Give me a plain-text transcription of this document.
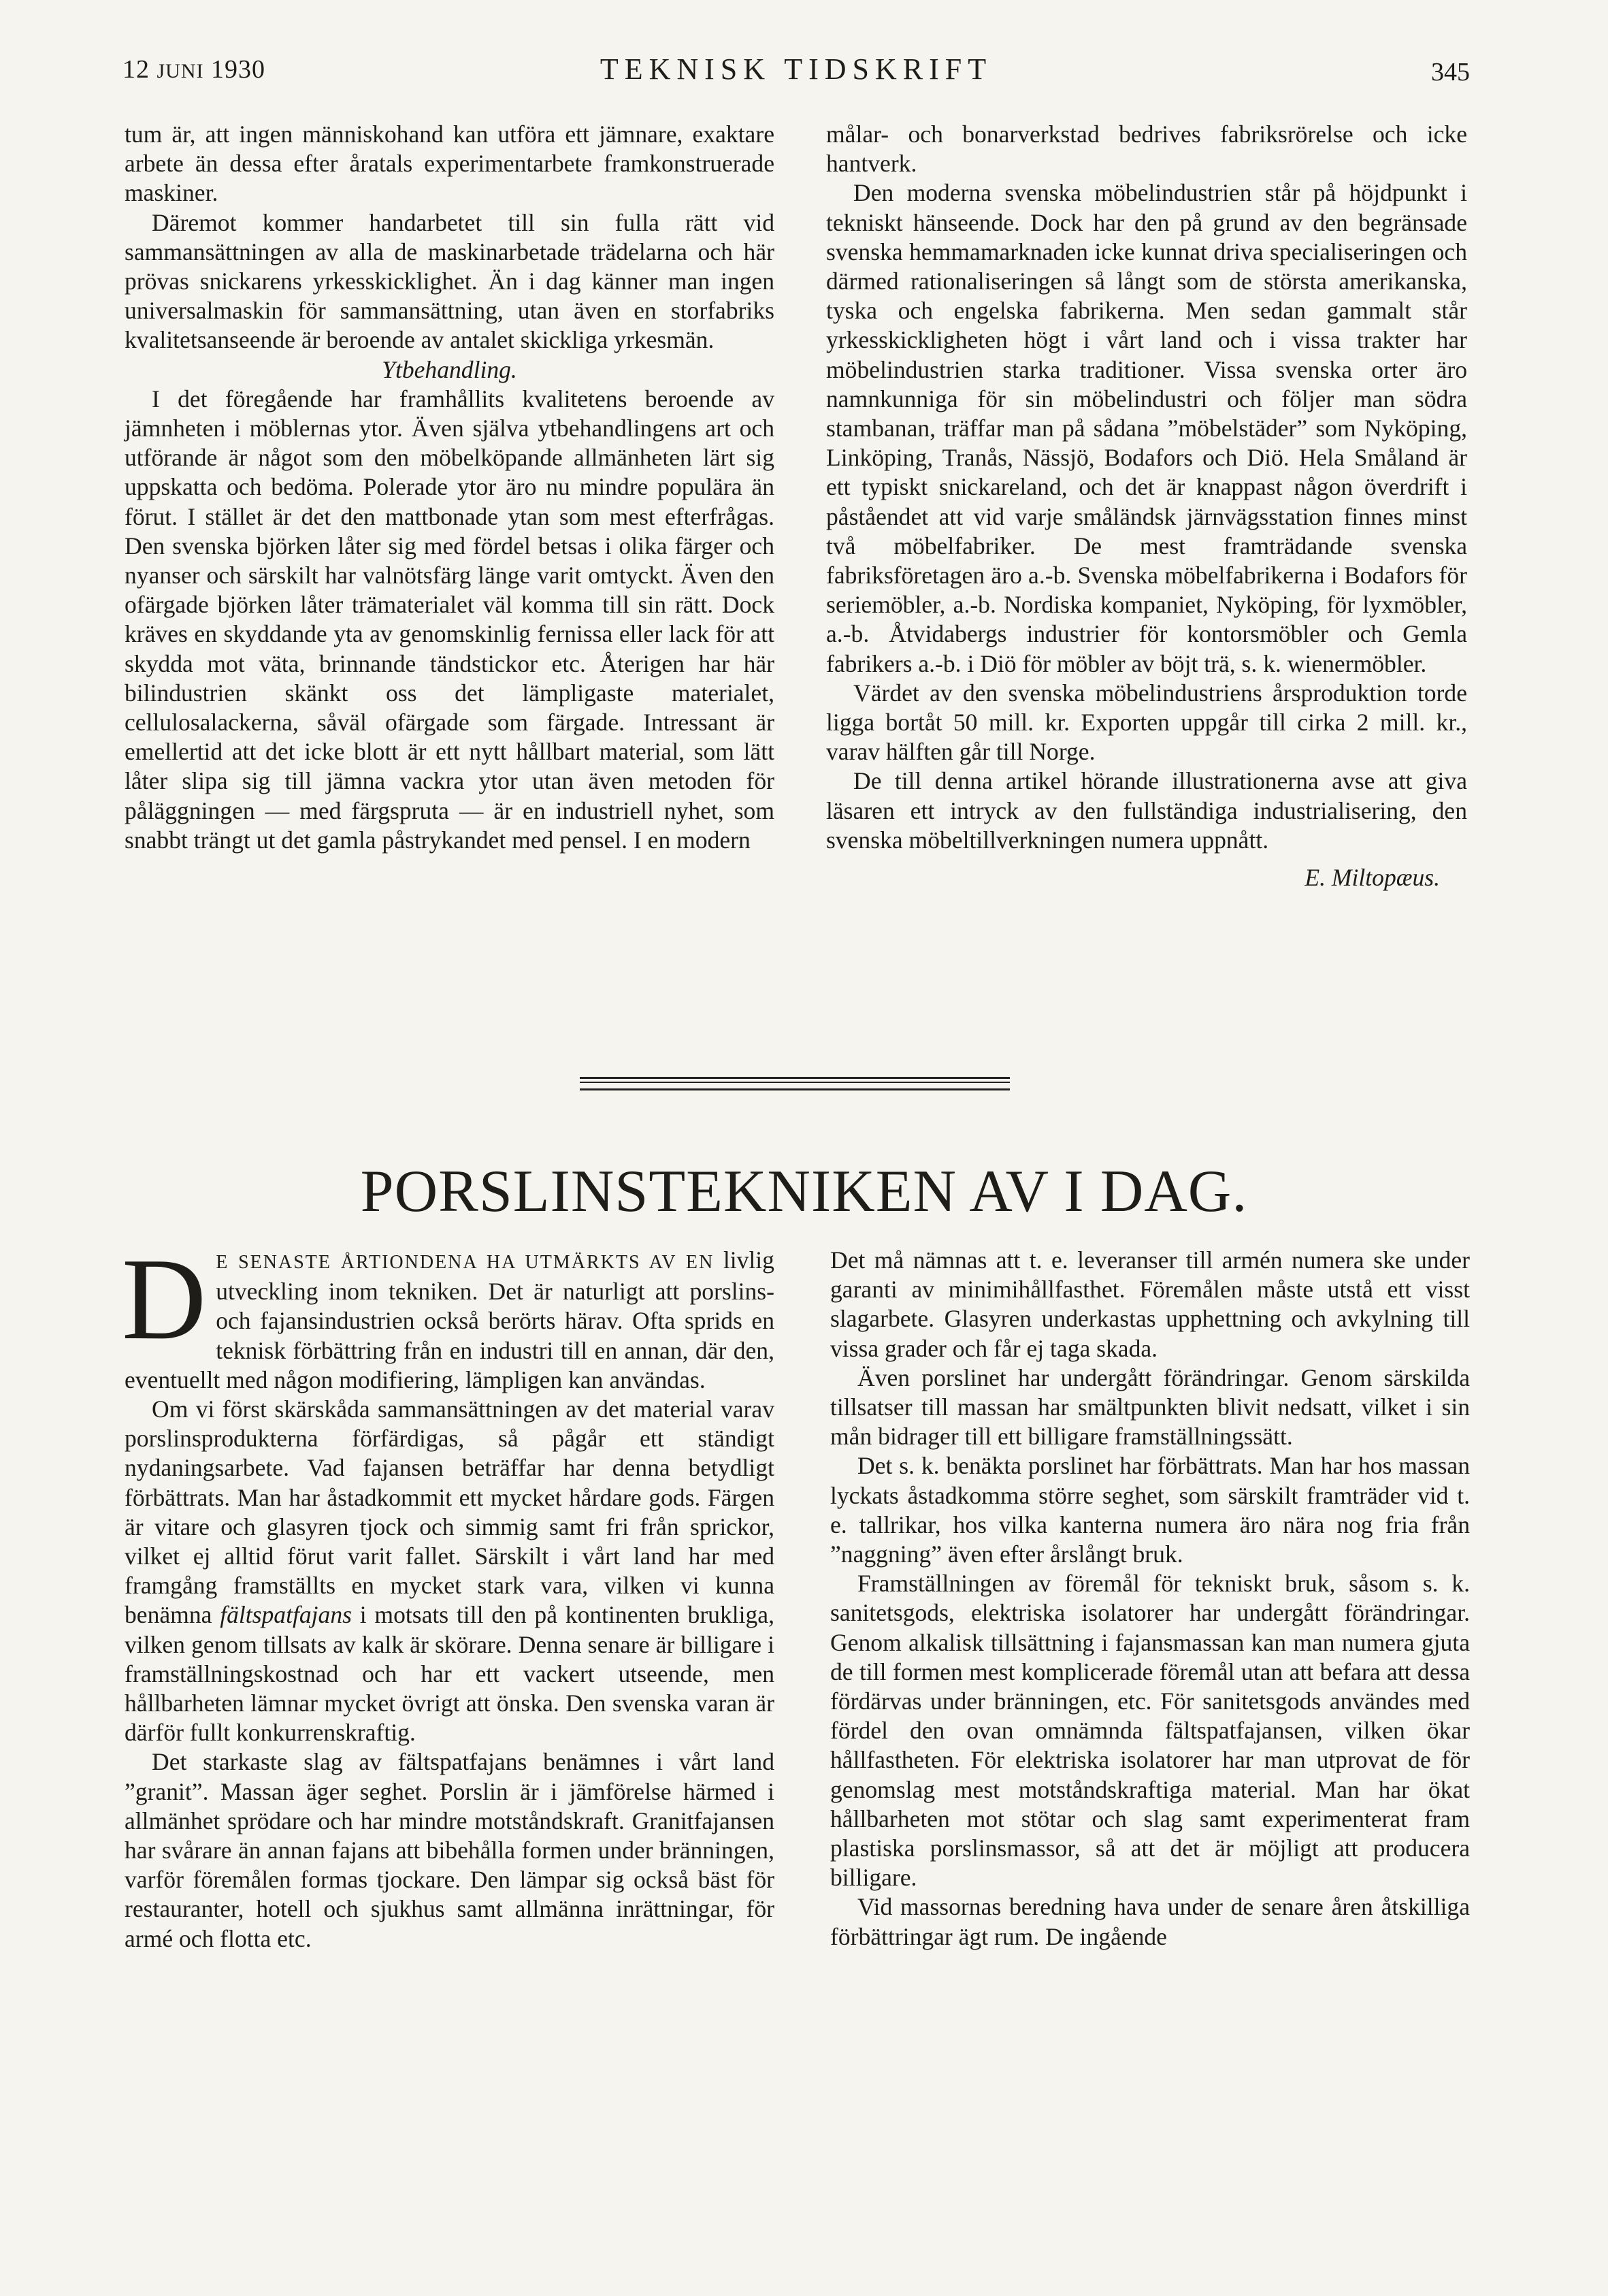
12 JUNI 1930	TEKNISK TIDSKRIFT	345

tum är, att ingen människohand kan utföra ett jämnare, exaktare arbete än dessa efter åratals experimentarbete framkonstruerade maskiner.

Däremot kommer handarbetet till sin fulla rätt vid sammansättningen av alla de maskinarbetade trädelarna och här prövas snickarens yrkesskicklighet. Än i dag känner man ingen universalmaskin för sammansättning, utan även en storfabriks kvalitetsanseende är beroende av antalet skickliga yrkesmän.

Ytbehandling.

I det föregående har framhållits kvalitetens beroende av jämnheten i möblernas ytor. Även själva ytbehandlingens art och utförande är något som den möbelköpande allmänheten lärt sig uppskatta och bedöma. Polerade ytor äro nu mindre populära än förut. I stället är det den mattbonade ytan som mest efterfrågas. Den svenska björken låter sig med fördel betsas i olika färger och nyanser och särskilt har valnötsfärg länge varit omtyckt. Även den ofärgade björken låter trämaterialet väl komma till sin rätt. Dock kräves en skyddande yta av genomskinlig fernissa eller lack för att skydda mot väta, brinnande tändstickor etc. Återigen har här bilindustrien skänkt oss det lämpligaste materialet, cellulosalackerna, såväl ofärgade som färgade. Intressant är emellertid att det icke blott är ett nytt hållbart material, som lätt låter slipa sig till jämna vackra ytor utan även metoden för påläggningen — med färgspruta — är en industriell nyhet, som snabbt trängt ut det gamla påstrykandet med pensel. I en modern

målar- och bonarverkstad bedrives fabriksrörelse och icke hantverk.

Den moderna svenska möbelindustrien står på höjdpunkt i tekniskt hänseende. Dock har den på grund av den begränsade svenska hemmamarknaden icke kunnat driva specialiseringen och därmed rationaliseringen så långt som de största amerikanska, tyska och engelska fabrikerna. Men sedan gammalt står yrkesskickligheten högt i vårt land och i vissa trakter har möbelindustrien starka traditioner. Vissa svenska orter äro namnkunniga för sin möbelindustri och följer man södra stambanan, träffar man på sådana ”möbelstäder” som Nyköping, Linköping, Tranås, Nässjö, Bodafors och Diö. Hela Småland är ett typiskt snickareland, och det är knappast någon överdrift i påståendet att vid varje småländsk järnvägsstation finnes minst två möbelfabriker. De mest framträdande svenska fabriksföretagen äro a.-b. Svenska möbelfabrikerna i Bodafors för seriemöbler, a.-b. Nordiska kompaniet, Nyköping, för lyxmöbler, a.-b. Åtvidabergs industrier för kontorsmöbler och Gemla fabrikers a.-b. i Diö för möbler av böjt trä, s. k. wienermöbler.

Värdet av den svenska möbelindustriens årsproduktion torde ligga bortåt 50 mill. kr. Exporten uppgår till cirka 2 mill. kr., varav hälften går till Norge.

De till denna artikel hörande illustrationerna avse att giva läsaren ett intryck av den fullständiga industrialisering, den svenska möbeltillverkningen numera uppnått.

E. Miltopæus.

PORSLINSTEKNIKEN AV I DAG.

D E SENASTE ÅRTIONDENA HA UTMÄRKTS AV EN livlig utveckling inom tekniken. Det är naturligt att porslins- och fajansindustrien också berörts härav. Ofta sprids en teknisk förbättring från en industri till en annan, där den, eventuellt med någon modifiering, lämpligen kan användas.

Om vi först skärskåda sammansättningen av det material varav porslinsprodukterna förfärdigas, så pågår ett ständigt nydaningsarbete. Vad fajansen beträffar har denna betydligt förbättrats. Man har åstadkommit ett mycket hårdare gods. Färgen är vitare och glasyren tjock och simmig samt fri från sprickor, vilket ej alltid förut varit fallet. Särskilt i vårt land har med framgång framställts en mycket stark vara, vilken vi kunna benämna fältspatfajans i motsats till den på kontinenten brukliga, vilken genom tillsats av kalk är skörare. Denna senare är billigare i framställningskostnad och har ett vackert utseende, men hållbarheten lämnar mycket övrigt att önska. Den svenska varan är därför fullt konkurrenskraftig.

Det starkaste slag av fältspatfajans benämnes i vårt land ”granit”. Massan äger seghet. Porslin är i jämförelse härmed i allmänhet sprödare och har mindre motståndskraft. Granitfajansen har svårare än annan fajans att bibehålla formen under bränningen, varför föremålen formas tjockare. Den lämpar sig också bäst för restauranter, hotell och sjukhus samt allmänna inrättningar, för armé och flotta etc.

Det må nämnas att t. e. leveranser till armén numera ske under garanti av minimihållfasthet. Föremålen måste utstå ett visst slagarbete. Glasyren underkastas upphettning och avkylning till vissa grader och får ej taga skada.

Även porslinet har undergått förändringar. Genom särskilda tillsatser till massan har smältpunkten blivit nedsatt, vilket i sin mån bidrager till ett billigare framställningssätt.

Det s. k. benäkta porslinet har förbättrats. Man har hos massan lyckats åstadkomma större seghet, som särskilt framträder vid t. e. tallrikar, hos vilka kanterna numera äro nära nog fria från ”naggning” även efter årslångt bruk.

Framställningen av föremål för tekniskt bruk, såsom s. k. sanitetsgods, elektriska isolatorer har undergått förändringar. Genom alkalisk tillsättning i fajansmassan kan man numera gjuta de till formen mest komplicerade föremål utan att befara att dessa fördärvas under bränningen, etc. För sanitetsgods användes med fördel den ovan omnämnda fältspatfajansen, vilken ökar hållfastheten. För elektriska isolatorer har man utprovat de för genomslag mest motståndskraftiga material. Man har ökat hållbarheten mot stötar och slag samt experimenterat fram plastiska porslinsmassor, så att det är möjligt att producera billigare.

Vid massornas beredning hava under de senare åren åtskilliga förbättringar ägt rum. De ingående
